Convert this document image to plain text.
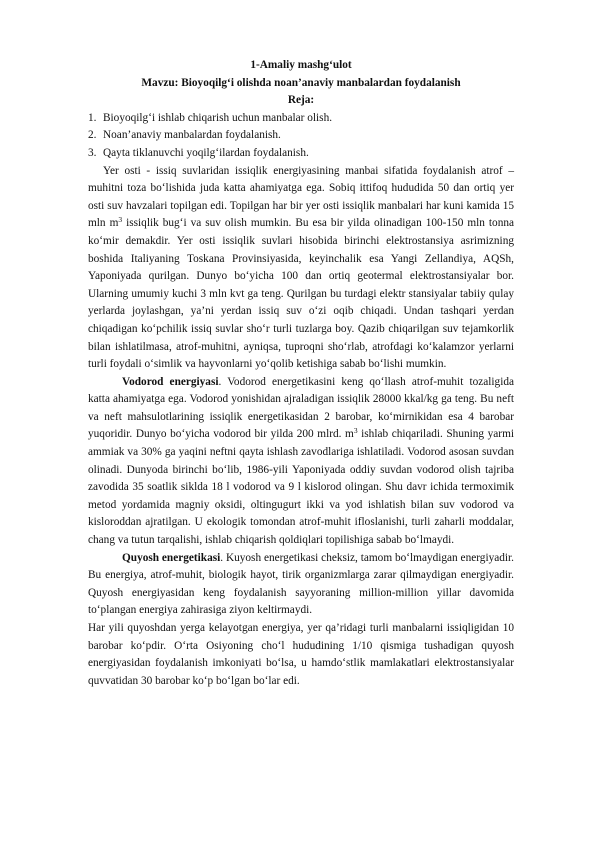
1-Amaliy mashg‘ulot
Mavzu: Bioyoqilg‘i olishda noan’anaviy manbalardan foydalanish
Reja:
1. Bioyoqilg‘i ishlab chiqarish uchun manbalar olish.
2. Noan’anaviy manbalardan foydalanish.
3. Qayta tiklanuvchi yoqilg‘ilardan foydalanish.

Yer osti - issiq suvlaridan issiqlik energiyasining manbai sifatida foydalanish atrof – muhitni toza bo‘lishida juda katta ahamiyatga ega. Sobiq ittifoq hududida 50 dan ortiq yer osti suv havzalari topilgan edi. Topilgan har bir yer osti issiqlik manbalari har kuni kamida 15 mln $m^3$ issiqlik bug‘i va suv olish mumkin. Bu esa bir yilda olinadigan 100-150 mln tonna ko‘mir demakdir. Yer osti issiqlik suvlari hisobida birinchi elektrostansiya asrimizning boshida Italiyaning Toskana Provinsiyasida, keyinchalik esa Yangi Zellandiya, AQSh, Yaponiyada qurilgan. Dunyo bo‘yicha 100 dan ortiq geotermal elektrostansiyalar bor. Ularning umumiy kuchi 3 mln kvt ga teng. Qurilgan bu turdagi elektr stansiyalar tabiiy qulay yerlarda joylashgan, ya’ni yerdan issiq suv o‘zi oqib chiqadi. Undan tashqari yerdan chiqadigan ko‘pchilik issiq suvlar sho‘r turli tuzlarga boy. Qazib chiqarilgan suv tejamkorlik bilan ishlatilmasa, atrof-muhitni, ayniqsa, tuproqni sho‘rlab, atrofdagi ko‘kalamzor yerlarni turli foydali o‘simlik va hayvonlarni yo‘qolib ketishiga sabab bo‘lishi mumkin.

Vodorod energiyasi. Vodorod energetikasini keng qo‘llash atrof-muhit tozaligida katta ahamiyatga ega. Vodorod yonishidan ajraladigan issiqlik 28000 kkal/kg ga teng. Bu neft va neft mahsulotlarining issiqlik energetikasidan 2 barobar, ko‘mirnikidan esa 4 barobar yuqoridir. Dunyo bo‘yicha vodorod bir yilda 200 mlrd. $m^3$ ishlab chiqariladi. Shuning yarmi ammiak va 30% ga yaqini neftni qayta ishlash zavodlariga ishlatiladi. Vodorod asosan suvdan olinadi. Dunyoda birinchi bo‘lib, 1986-yili Yaponiyada oddiy suvdan vodorod olish tajriba zavodida 35 soatlik siklda 18 l vodorod va 9 l kislorod olingan. Shu davr ichida termoximik metod yordamida magniy oksidi, oltingugurt ikki va yod ishlatish bilan suv vodorod va kisloroddan ajratilgan. U ekologik tomondan atrof-muhit ifloslanishi, turli zaharli moddalar, chang va tutun tarqalishi, ishlab chiqarish qoldiqlari topilishiga sabab bo‘lmaydi.

Quyosh energetikasi. Kuyosh energetikasi cheksiz, tamom bo‘lmaydigan energiyadir. Bu energiya, atrof-muhit, biologik hayot, tirik organizmlarga zarar qilmaydigan energiyadir. Quyosh energiyasidan keng foydalanish sayyoraning million-million yillar davomida to‘plangan energiya zahirasiga ziyon keltirmaydi.

Har yili quyoshdan yerga kelayotgan energiya, yer qa’ridagi turli manbalarni issiqligidan 10 barobar ko‘pdir. O‘rta Osiyoning cho‘l hududining 1/10 qismiga tushadigan quyosh energiyasidan foydalanish imkoniyati bo‘lsa, u hamdo‘stlik mamlakatlari elektrostansiyalar quvvatidan 30 barobar ko‘p bo‘lgan bo‘lar edi.
